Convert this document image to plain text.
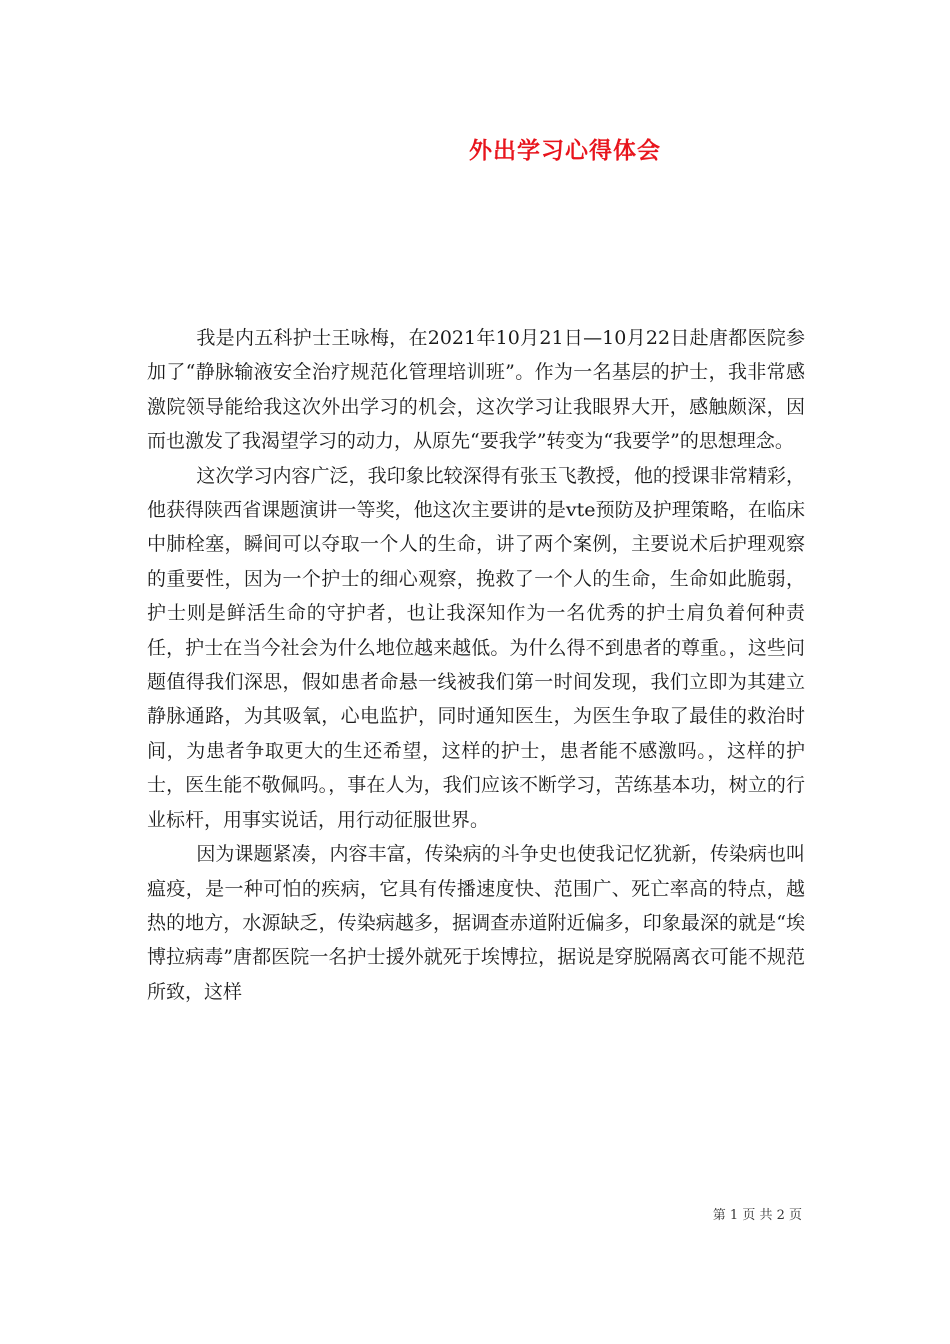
外出学习心得体会

我是内五科护士王咏梅，在2021年10月21日—10月22日赴唐都医院参加了“静脉输液安全治疗规范化管理培训班”。作为一名基层的护士，我非常感激院领导能给我这次外出学习的机会，这次学习让我眼界大开，感触颇深，因而也激发了我渴望学习的动力，从原先“要我学”转变为“我要学”的思想理念。

这次学习内容广泛，我印象比较深得有张玉飞教授，他的授课非常精彩，他获得陕西省课题演讲一等奖，他这次主要讲的是vte预防及护理策略，在临床中肺栓塞，瞬间可以夺取一个人的生命，讲了两个案例，主要说术后护理观察的重要性，因为一个护士的细心观察，挽救了一个人的生命，生命如此脆弱，护士则是鲜活生命的守护者，也让我深知作为一名优秀的护士肩负着何种责任，护士在当今社会为什么地位越来越低。为什么得不到患者的尊重。，这些问题值得我们深思，假如患者命悬一线被我们第一时间发现，我们立即为其建立静脉通路，为其吸氧，心电监护，同时通知医生，为医生争取了最佳的救治时间，为患者争取更大的生还希望，这样的护士，患者能不感激吗。，这样的护士，医生能不敬佩吗。，事在人为，我们应该不断学习，苦练基本功，树立的行业标杆，用事实说话，用行动征服世界。

因为课题紧凑，内容丰富，传染病的斗争史也使我记忆犹新，传染病也叫瘟疫，是一种可怕的疾病，它具有传播速度快、范围广、死亡率高的特点，越热的地方，水源缺乏，传染病越多，据调查赤道附近偏多，印象最深的就是“埃博拉病毒”唐都医院一名护士援外就死于埃博拉，据说是穿脱隔离衣可能不规范所致，这样

第 1 页 共 2 页
